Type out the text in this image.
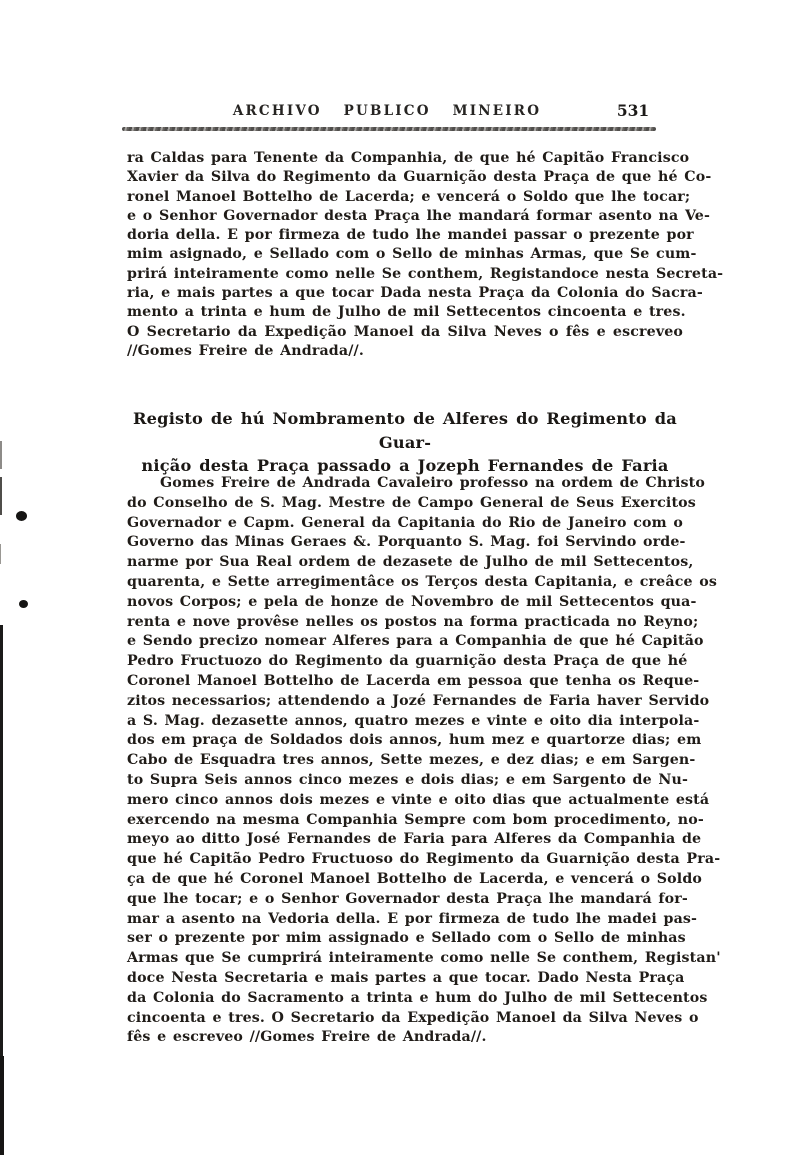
ARCHIVO PUBLICO MINEIRO	531
ra Caldas para Tenente da Companhia, de que hé Capitão Francisco
Xavier da Silva do Regimento da Guarnição desta Praça de que hé Co-
ronel Manoel Bottelho de Lacerda; e vencerá o Soldo que lhe tocar;
e o Senhor Governador desta Praça lhe mandará formar asento na Ve-
doria della. E por firmeza de tudo lhe mandei passar o prezente por
mim asignado, e Sellado com o Sello de minhas Armas, que Se cum-
prirá inteiramente como nelle Se conthem, Registandoce nesta Secreta-
ria, e mais partes a que tocar Dada nesta Praça da Colonia do Sacra-
mento a trinta e hum de Julho de mil Settecentos cincoenta e tres.
O Secretario da Expedição Manoel da Silva Neves o fês e escreveo
//Gomes Freire de Andrada//.
Registo de hú Nombramento de Alferes do Regimento da Guar-
nição desta Praça passado a Jozeph Fernandes de Faria
Gomes Freire de Andrada Cavaleiro professo na ordem de Christo
do Conselho de S. Mag. Mestre de Campo General de Seus Exercitos
Governador e Capm. General da Capitania do Rio de Janeiro com o
Governo das Minas Geraes &. Porquanto S. Mag. foi Servindo orde-
narme por Sua Real ordem de dezasete de Julho de mil Settecentos,
quarenta, e Sette arregimentâce os Terços desta Capitania, e creâce os
novos Corpos; e pela de honze de Novembro de mil Settecentos qua-
renta e nove provêse nelles os postos na forma practicada no Reyno;
e Sendo precizo nomear Alferes para a Companhia de que hé Capitão
Pedro Fructuozo do Regimento da guarnição desta Praça de que hé
Coronel Manoel Bottelho de Lacerda em pessoa que tenha os Reque-
zitos necessarios; attendendo a Jozé Fernandes de Faria haver Servido
a S. Mag. dezasette annos, quatro mezes e vinte e oito dia interpola-
dos em praça de Soldados dois annos, hum mez e quartorze dias; em
Cabo de Esquadra tres annos, Sette mezes, e dez dias; e em Sargen-
to Supra Seis annos cinco mezes e dois dias; e em Sargento de Nu-
mero cinco annos dois mezes e vinte e oito dias que actualmente está
exercendo na mesma Companhia Sempre com bom procedimento, no-
meyo ao ditto José Fernandes de Faria para Alferes da Companhia de
que hé Capitão Pedro Fructuoso do Regimento da Guarnição desta Pra-
ça de que hé Coronel Manoel Bottelho de Lacerda, e vencerá o Soldo
que lhe tocar; e o Senhor Governador desta Praça lhe mandará for-
mar a asento na Vedoria della. E por firmeza de tudo lhe madei pas-
ser o prezente por mim assignado e Sellado com o Sello de minhas
Armas que Se cumprirá inteiramente como nelle Se conthem, Registan'
doce Nesta Secretaria e mais partes a que tocar. Dado Nesta Praça
da Colonia do Sacramento a trinta e hum do Julho de mil Settecentos
cincoenta e tres. O Secretario da Expedição Manoel da Silva Neves o
fês e escreveo //Gomes Freire de Andrada//.
